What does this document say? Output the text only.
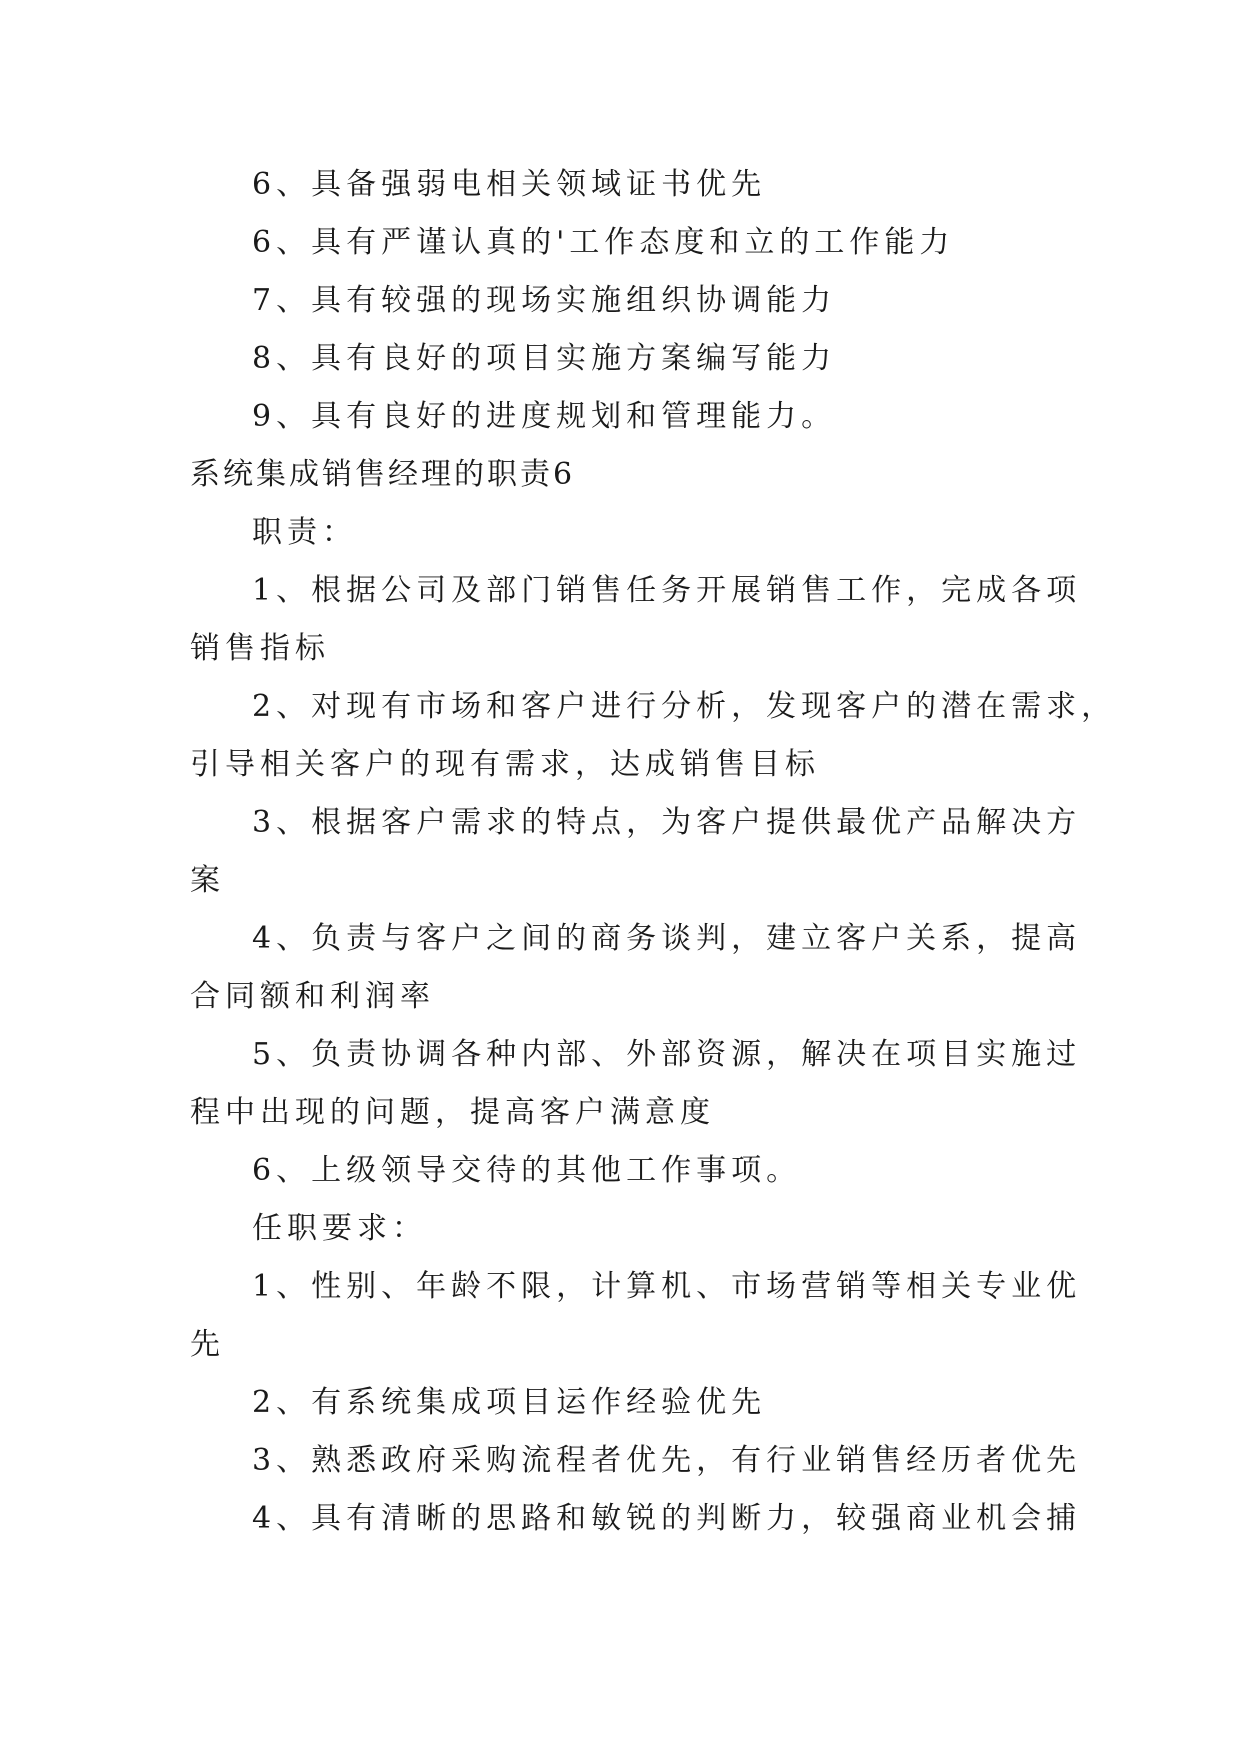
6、具备强弱电相关领域证书优先
6、具有严谨认真的'工作态度和立的工作能力
7、具有较强的现场实施组织协调能力
8、具有良好的项目实施方案编写能力
9、具有良好的进度规划和管理能力。
系统集成销售经理的职责6
职责：
1、根据公司及部门销售任务开展销售工作，完成各项
销售指标
2、对现有市场和客户进行分析，发现客户的潜在需求，
引导相关客户的现有需求，达成销售目标
3、根据客户需求的特点，为客户提供最优产品解决方
案
4、负责与客户之间的商务谈判，建立客户关系，提高
合同额和利润率
5、负责协调各种内部、外部资源，解决在项目实施过
程中出现的问题，提高客户满意度
6、上级领导交待的其他工作事项。
任职要求：
1、性别、年龄不限，计算机、市场营销等相关专业优
先
2、有系统集成项目运作经验优先
3、熟悉政府采购流程者优先，有行业销售经历者优先
4、具有清晰的思路和敏锐的判断力，较强商业机会捕
